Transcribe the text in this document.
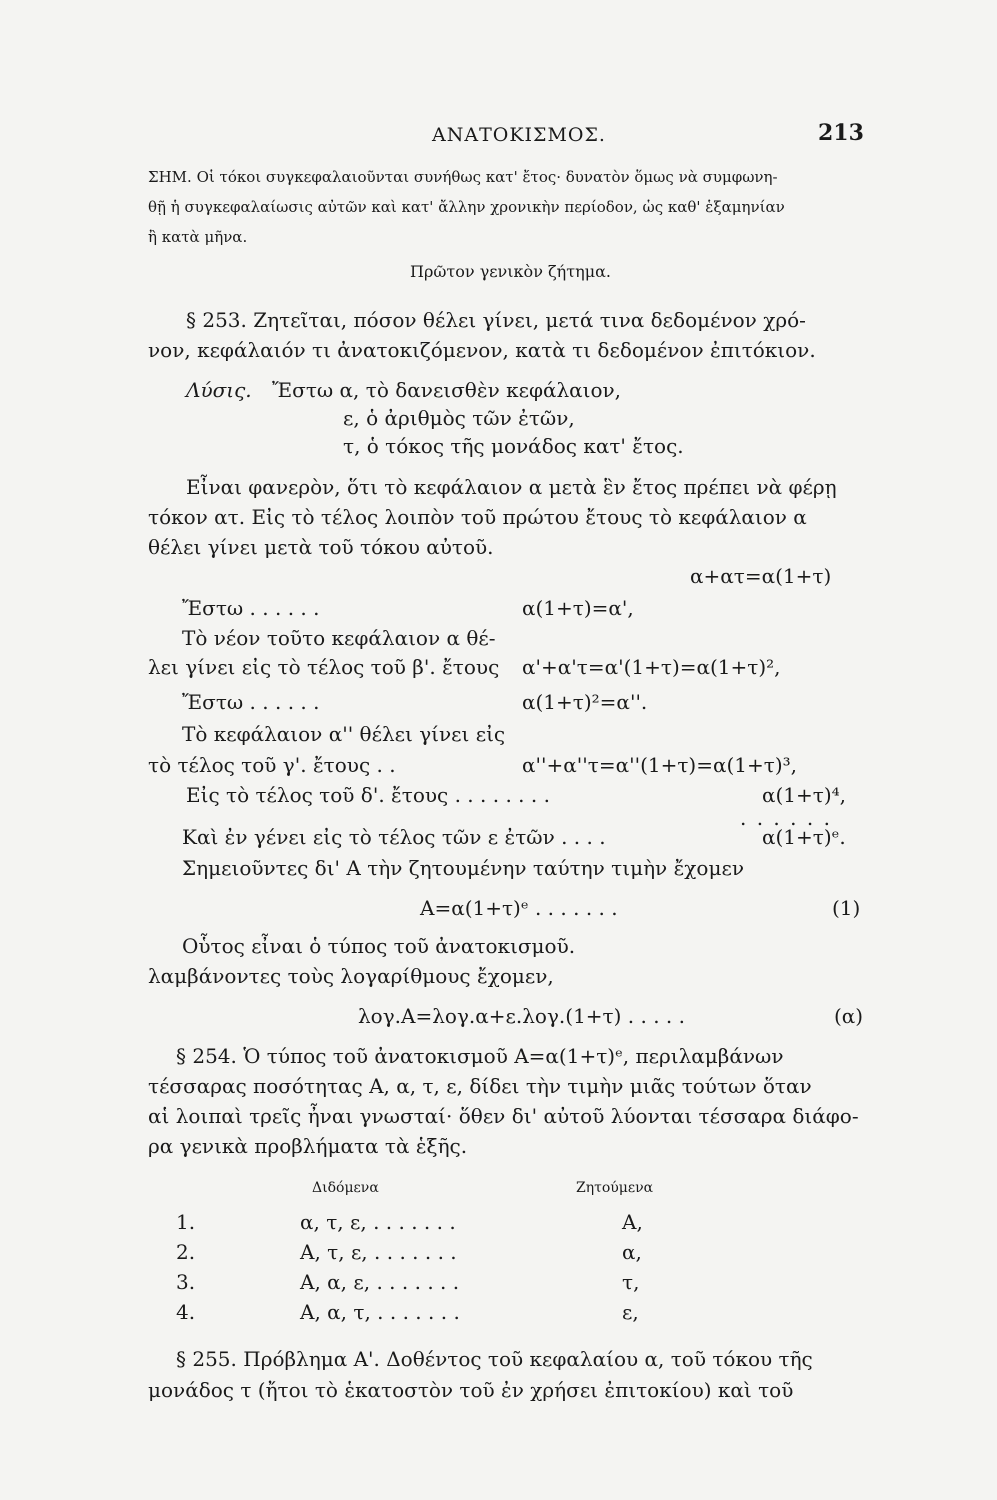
ΑΝΑΤΟΚΙΣΜΟΣ.	213
ΣΗΜ. Οἱ τόκοι συγκεφαλαιοῦνται συνήθως κατ' ἔτος· δυνατὸν ὅμως νὰ συμφωνη-
θῇ ἡ συγκεφαλαίωσις αὐτῶν καὶ κατ' ἄλλην χρονικὴν περίοδον, ὡς καθ' ἑξαμηνίαν
ἢ κατὰ μῆνα.
Πρῶτον γενικὸν ζήτημα.
§ 253. Ζητεῖται, πόσον θέλει γίνει, μετά τινα δεδομένον χρό-
νον, κεφάλαιόν τι ἀνατοκιζόμενον, κατὰ τι δεδομένον ἐπιτόκιον.
Λύσις. Ἔστω α, τὸ δανεισθὲν κεφάλαιον,
ε, ὁ ἀριθμὸς τῶν ἐτῶν,
τ, ὁ τόκος τῆς μονάδος κατ' ἔτος.
Εἶναι φανερὸν, ὅτι τὸ κεφάλαιον α μετὰ ἓν ἔτος πρέπει νὰ φέρῃ
τόκον ατ. Εἰς τὸ τέλος λοιπὸν τοῦ πρώτου ἔτους τὸ κεφάλαιον α
θέλει γίνει μετὰ τοῦ τόκου αὐτοῦ.
α+ατ=α(1+τ)
Ἔστω . . . . . .	α(1+τ)=α',
Τὸ νέον τοῦτο κεφάλαιον α θέ-
λει γίνει εἰς τὸ τέλος τοῦ β'. ἔτους α'+α'τ=α'(1+τ)=α(1+τ)²,
Ἔστω . . . . . .	α(1+τ)²=α''.
Τὸ κεφάλαιον α'' θέλει γίνει εἰς
τὸ τέλος τοῦ γ'. ἔτους . .	α''+α''τ=α''(1+τ)=α(1+τ)³,
Εἰς τὸ τέλος τοῦ δ'. ἔτους . . . . . . . .	α(1+τ)⁴,
. . . . . .
Καὶ ἐν γένει εἰς τὸ τέλος τῶν ε ἐτῶν . . . .	α(1+τ)ᵉ.
Σημειοῦντες δι' Α τὴν ζητουμένην ταύτην τιμὴν ἔχομεν
Α=α(1+τ)ᵉ . . . . . . .	(1)
Οὗτος εἶναι ὁ τύπος τοῦ ἀνατοκισμοῦ.
λαμβάνοντες τοὺς λογαρίθμους ἔχομεν,
λογ.Α=λογ.α+ε.λογ.(1+τ) . . . . .	(α)
§ 254. Ὁ τύπος τοῦ ἀνατοκισμοῦ Α=α(1+τ)ᵉ, περιλαμβάνων
τέσσαρας ποσότητας Α, α, τ, ε, δίδει τὴν τιμὴν μιᾶς τούτων ὅταν
αἱ λοιπαὶ τρεῖς ἦναι γνωσταί· ὅθεν δι' αὐτοῦ λύονται τέσσαρα διάφο-
ρα γενικὰ προβλήματα τὰ ἑξῆς.
Διδόμενα	Ζητούμενα
1.	α, τ, ε, . . . . . . .	Α,
2.	Α, τ, ε, . . . . . . .	α,
3.	Α, α, ε, . . . . . . .	τ,
4.	Α, α, τ, . . . . . . .	ε,
§ 255. Πρόβλημα Α'. Δοθέντος τοῦ κεφαλαίου α, τοῦ τόκου τῆς
μονάδος τ (ἤτοι τὸ ἑκατοστὸν τοῦ ἐν χρήσει ἐπιτοκίου) καὶ τοῦ
